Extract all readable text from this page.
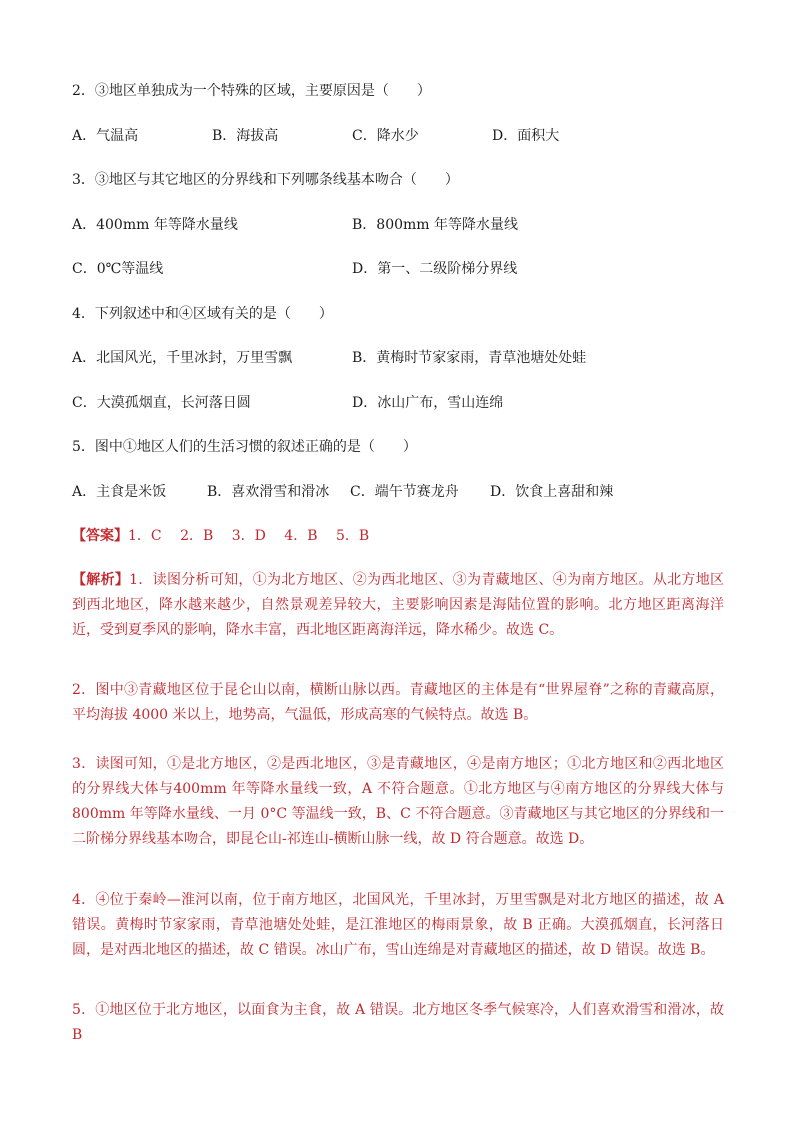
2．③地区单独成为一个特殊的区域，主要原因是（　　）
A．气温高	B．海拔高	C．降水少	D．面积大
3．③地区与其它地区的分界线和下列哪条线基本吻合（　　）
A．400mm 年等降水量线	B．800mm 年等降水量线
C．0℃等温线	D．第一、二级阶梯分界线
4．下列叙述中和④区域有关的是（　　）
A．北国风光，千里冰封，万里雪飘	B．黄梅时节家家雨，青草池塘处处蛙
C．大漠孤烟直，长河落日圆	D．冰山广布，雪山连绵
5．图中①地区人们的生活习惯的叙述正确的是（　　）
A．主食是米饭	B．喜欢滑雪和滑冰 C．端午节赛龙舟 D．饮食上喜甜和辣
【答案】1．C　 2．B　 3．D　 4．B　 5．B
【解析】1．读图分析可知，①为北方地区、②为西北地区、③为青藏地区、④为南方地区。从北方地区到西北地区，降水越来越少，自然景观差异较大，主要影响因素是海陆位置的影响。北方地区距离海洋近，受到夏季风的影响，降水丰富，西北地区距离海洋远，降水稀少。故选 C。
2．图中③青藏地区位于昆仑山以南，横断山脉以西。青藏地区的主体是有“世界屋脊”之称的青藏高原，平均海拔 4000 米以上，地势高，气温低，形成高寒的气候特点。故选 B。
3．读图可知，①是北方地区，②是西北地区，③是青藏地区，④是南方地区；①北方地区和②西北地区的分界线大体与400mm 年等降水量线一致，A 不符合题意。①北方地区与④南方地区的分界线大体与800mm 年等降水量线、一月 0°C 等温线一致，B、C 不符合题意。③青藏地区与其它地区的分界线和一二阶梯分界线基本吻合，即昆仑山-祁连山-横断山脉一线，故 D 符合题意。故选 D。
4．④位于秦岭—淮河以南，位于南方地区，北国风光，千里冰封，万里雪飘是对北方地区的描述，故 A 错误。黄梅时节家家雨，青草池塘处处蛙，是江淮地区的梅雨景象，故 B 正确。大漠孤烟直，长河落日圆，是对西北地区的描述，故 C 错误。冰山广布，雪山连绵是对青藏地区的描述，故 D 错误。故选 B。
5．①地区位于北方地区，以面食为主食，故 A 错误。北方地区冬季气候寒冷，人们喜欢滑雪和滑冰，故 B
